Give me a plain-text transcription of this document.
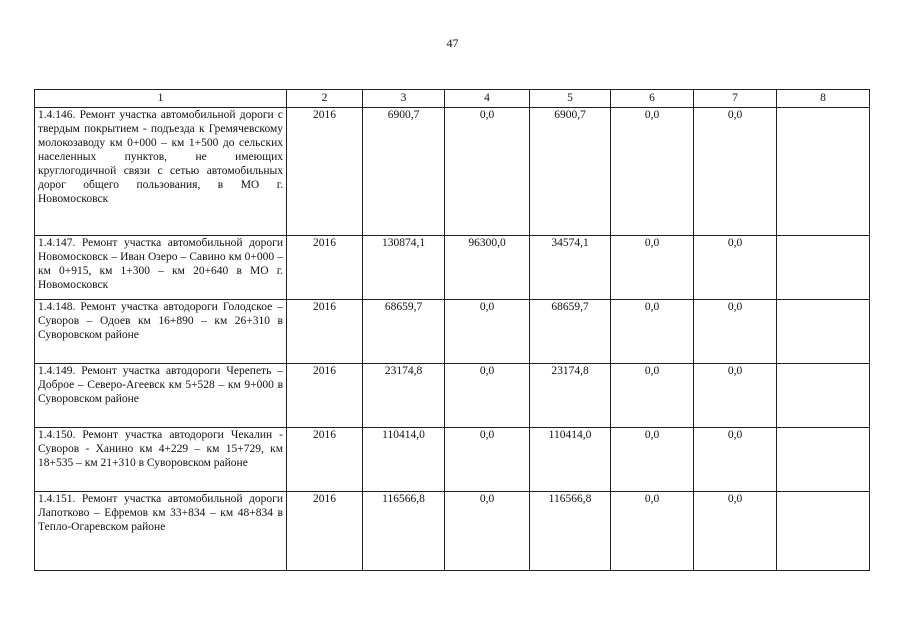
47
1	2	3	4	5	6	7	8
1.4.146. Ремонт участка автомобильной дороги с твердым покрытием - подъезда к Гремячевскому молокозаводу км 0+000 – км 1+500 до сельских населенных пунктов, не имеющих круглогодичной связи с сетью автомобильных дорог общего пользования, в МО г. Новомосковск	2016	6900,7	0,0	6900,7	0,0	0,0	
1.4.147. Ремонт участка автомобильной дороги Новомосковск – Иван Озеро – Савино км 0+000 – км 0+915, км 1+300 – км 20+640 в МО г. Новомосковск	2016	130874,1	96300,0	34574,1	0,0	0,0	
1.4.148. Ремонт участка автодороги Голодское – Суворов – Одоев км 16+890 – км 26+310 в Суворовском районе	2016	68659,7	0,0	68659,7	0,0	0,0	
1.4.149. Ремонт участка автодороги Черепеть – Доброе – Северо-Агеевск км 5+528 – км 9+000 в Суворовском районе	2016	23174,8	0,0	23174,8	0,0	0,0	
1.4.150. Ремонт участка автодороги Чекалин - Суворов - Ханино км 4+229 – км 15+729, км 18+535 – км 21+310 в Суворовском районе	2016	110414,0	0,0	110414,0	0,0	0,0	
1.4.151. Ремонт участка автомобильной дороги Лапотково – Ефремов км 33+834 – км 48+834 в Тепло-Огаревском районе	2016	116566,8	0,0	116566,8	0,0	0,0	
